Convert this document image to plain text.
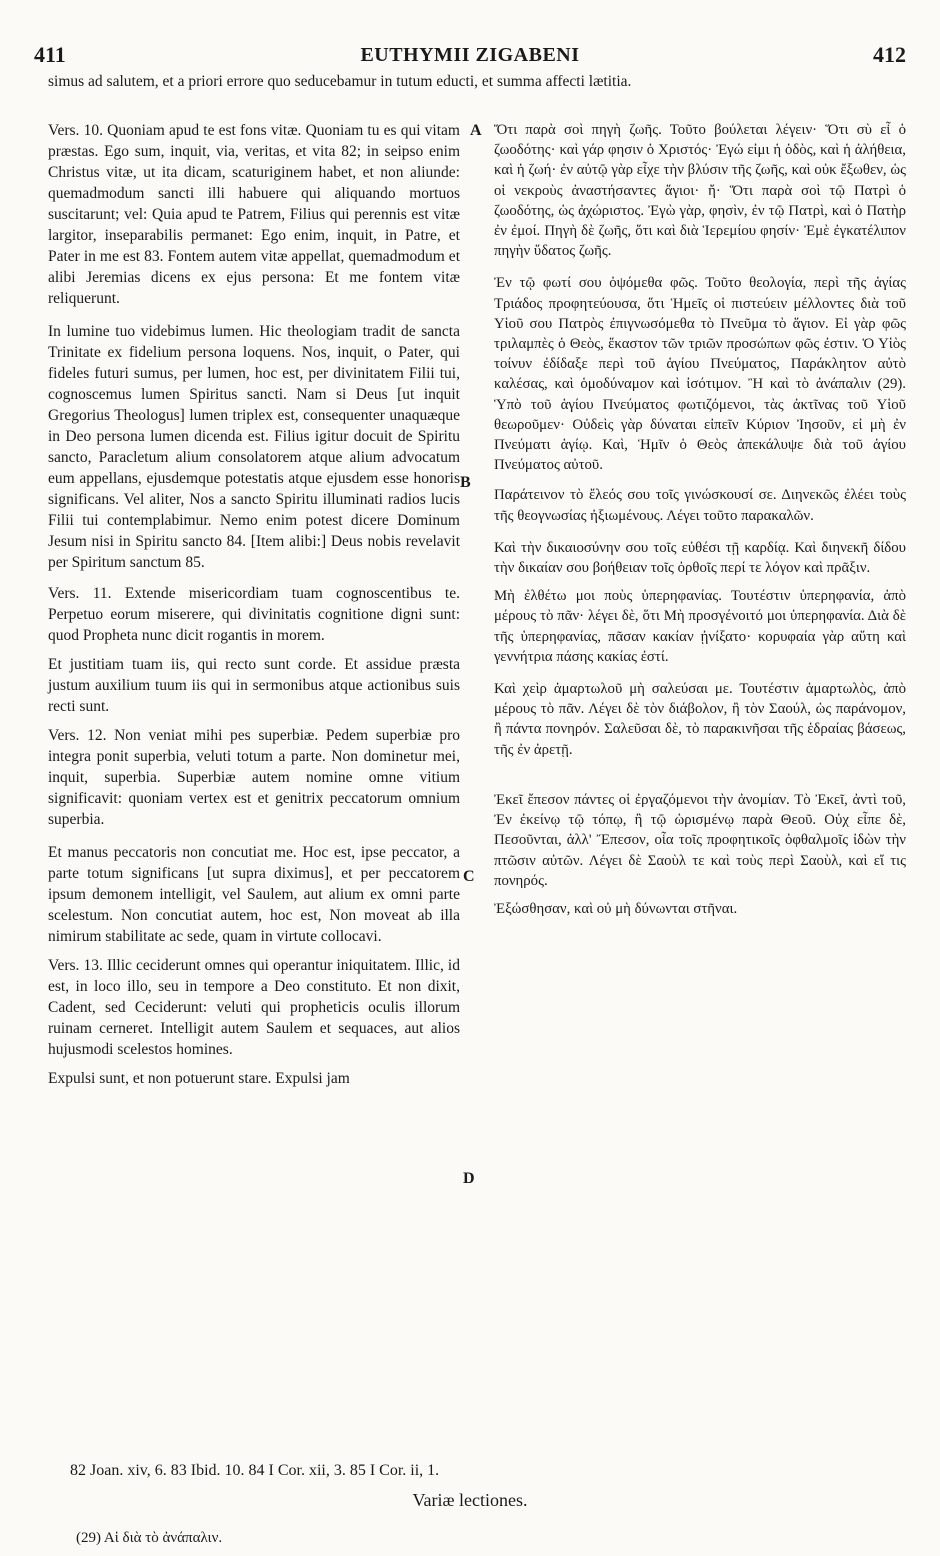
411	EUTHYMII ZIGABENI	412
simus ad salutem, et a priori errore quo seducebamur in tutum educti, et summa affecti lætitia.
A
B
C
D

Vers. 10. Quoniam apud te est fons vitæ. Quoniam tu es qui vitam præstas. Ego sum, inquit, via, veritas, et vita 82; in seipso enim Christus vitæ, ut ita dicam, scaturiginem habet, et non aliunde: quemadmodum sancti illi habuere qui aliquando mortuos suscitarunt; vel: Quia apud te Patrem, Filius qui perennis est vitæ largitor, inseparabilis permanet: Ego enim, inquit, in Patre, et Pater in me est 83. Fontem autem vitæ appellat, quemadmodum et alibi Jeremias dicens ex ejus persona: Et me fontem vitæ reliquerunt.

In lumine tuo videbimus lumen. Hic theologiam tradit de sancta Trinitate ex fidelium persona loquens. Nos, inquit, o Pater, qui fideles futuri sumus, per lumen, hoc est, per divinitatem Filii tui, cognoscemus lumen Spiritus sancti. Nam si Deus [ut inquit Gregorius Theologus] lumen triplex est, consequenter unaquæque in Deo persona lumen dicenda est. Filius igitur docuit de Spiritu sancto, Paracletum alium consolatorem atque alium advocatum eum appellans, ejusdemque potestatis atque ejusdem esse honoris significans. Vel aliter, Nos a sancto Spiritu illuminati radios lucis Filii tui contemplabimur. Nemo enim potest dicere Dominum Jesum nisi in Spiritu sancto 84. [Item alibi:] Deus nobis revelavit per Spiritum sanctum 85.

Vers. 11. Extende misericordiam tuam cognoscentibus te. Perpetuo eorum miserere, qui divinitatis cognitione digni sunt: quod Propheta nunc dicit rogantis in morem.

Et justitiam tuam iis, qui recto sunt corde. Et assidue præsta justum auxilium tuum iis qui in sermonibus atque actionibus suis recti sunt.

Vers. 12. Non veniat mihi pes superbiæ. Pedem superbiæ pro integra ponit superbia, veluti totum a parte. Non dominetur mei, inquit, superbia. Superbiæ autem nomine omne vitium significavit: quoniam vertex est et genitrix peccatorum omnium superbia.

Et manus peccatoris non concutiat me. Hoc est, ipse peccator, a parte totum significans [ut supra diximus], et per peccatorem ipsum demonem intelligit, vel Saulem, aut alium ex omni parte scelestum. Non concutiat autem, hoc est, Non moveat ab illa nimirum stabilitate ac sede, quam in virtute collocavi.

Vers. 13. Illic ceciderunt omnes qui operantur iniquitatem. Illic, id est, in loco illo, seu in tempore a Deo constituto. Et non dixit, Cadent, sed Ceciderunt: veluti qui propheticis oculis illorum ruinam cerneret. Intelligit autem Saulem et sequaces, aut alios hujusmodi scelestos homines.

Expulsi sunt, et non potuerunt stare. Expulsi jam

Ὅτι παρὰ σοὶ πηγὴ ζωῆς. Τοῦτο βούλεται λέγειν· Ὅτι σὺ εἶ ὁ ζωοδότης· καὶ γάρ φησιν ὁ Χριστός· Ἐγώ εἰμι ἡ ὁδὸς, καὶ ἡ ἀλήθεια, καὶ ἡ ζωή· ἐν αὐτῷ γὰρ εἶχε τὴν βλύσιν τῆς ζωῆς, καὶ οὐκ ἔξωθεν, ὡς οἱ νεκροὺς ἀναστήσαντες ἅγιοι· ἤ· Ὅτι παρὰ σοὶ τῷ Πατρὶ ὁ ζωοδότης, ὡς ἀχώριστος. Ἐγὼ γὰρ, φησὶν, ἐν τῷ Πατρὶ, καὶ ὁ Πατὴρ ἐν ἐμοί. Πηγὴ δὲ ζωῆς, ὅτι καὶ διὰ Ἱερεμίου φησίν· Ἐμὲ ἐγκατέλιπον πηγὴν ὕδατος ζωῆς.

Ἐν τῷ φωτί σου ὀψόμεθα φῶς. Τοῦτο θεολογία, περὶ τῆς ἁγίας Τριάδος προφητεύουσα, ὅτι Ἡμεῖς οἱ πιστεύειν μέλλοντες διὰ τοῦ Υἱοῦ σου Πατρὸς ἐπιγνωσόμεθα τὸ Πνεῦμα τὸ ἅγιον. Εἰ γὰρ φῶς τριλαμπὲς ὁ Θεὸς, ἕκαστον τῶν τριῶν προσώπων φῶς ἐστιν. Ὁ Υἱὸς τοίνυν ἐδίδαξε περὶ τοῦ ἁγίου Πνεύματος, Παράκλητον αὐτὸ καλέσας, καὶ ὁμοδύναμον καὶ ἰσότιμον. Ἢ καὶ τὸ ἀνάπαλιν (29). Ὑπὸ τοῦ ἁγίου Πνεύματος φωτιζόμενοι, τὰς ἀκτῖνας τοῦ Υἱοῦ θεωροῦμεν· Οὐδεὶς γὰρ δύναται εἰπεῖν Κύριον Ἰησοῦν, εἰ μὴ ἐν Πνεύματι ἁγίῳ. Καὶ, Ἡμῖν ὁ Θεὸς ἀπεκάλυψε διὰ τοῦ ἁγίου Πνεύματος αὐτοῦ.

Παράτεινον τὸ ἔλεός σου τοῖς γινώσκουσί σε. Διηνεκῶς ἐλέει τοὺς τῆς θεογνωσίας ἠξιωμένους. Λέγει τοῦτο παρακαλῶν.

Καὶ τὴν δικαιοσύνην σου τοῖς εὐθέσι τῇ καρδίᾳ. Καὶ διηνεκῆ δίδου τὴν δικαίαν σου βοήθειαν τοῖς ὀρθοῖς περί τε λόγον καὶ πρᾶξιν.

Μὴ ἐλθέτω μοι ποὺς ὑπερηφανίας. Τουτέστιν ὑπερηφανία, ἀπὸ μέρους τὸ πᾶν· λέγει δὲ, ὅτι Μὴ προσγένοιτό μοι ὑπερηφανία. Διὰ δὲ τῆς ὑπερηφανίας, πᾶσαν κακίαν ᾐνίξατο· κορυφαία γὰρ αὕτη καὶ γεννήτρια πάσης κακίας ἐστί.

Καὶ χεὶρ ἁμαρτωλοῦ μὴ σαλεύσαι με. Τουτέστιν ἁμαρτωλὸς, ἀπὸ μέρους τὸ πᾶν. Λέγει δὲ τὸν διάβολον, ἢ τὸν Σαούλ, ὡς παράνομον, ἢ πάντα πονηρόν. Σαλεῦσαι δὲ, τὸ παρακινῆσαι τῆς ἑδραίας βάσεως, τῆς ἐν ἀρετῇ.

Ἐκεῖ ἔπεσον πάντες οἱ ἐργαζόμενοι τὴν ἀνομίαν. Τὸ Ἐκεῖ, ἀντὶ τοῦ, Ἐν ἐκείνῳ τῷ τόπῳ, ἢ τῷ ὡρισμένῳ παρὰ Θεοῦ. Οὐχ εἶπε δὲ, Πεσοῦνται, ἀλλ' Ἔπεσον, οἷα τοῖς προφητικοῖς ὀφθαλμοῖς ἰδὼν τὴν πτῶσιν αὐτῶν. Λέγει δὲ Σαοὺλ τε καὶ τοὺς περὶ Σαοὺλ, καὶ εἴ τις πονηρός.

Ἐξώσθησαν, καὶ οὐ μὴ δύνωνται στῆναι.

82 Joan. xiv, 6. 83 Ibid. 10. 84 I Cor. xii, 3. 85 I Cor. ii, 1.
Variæ lectiones.
(29) Αἱ διὰ τὸ ἀνάπαλιν.
